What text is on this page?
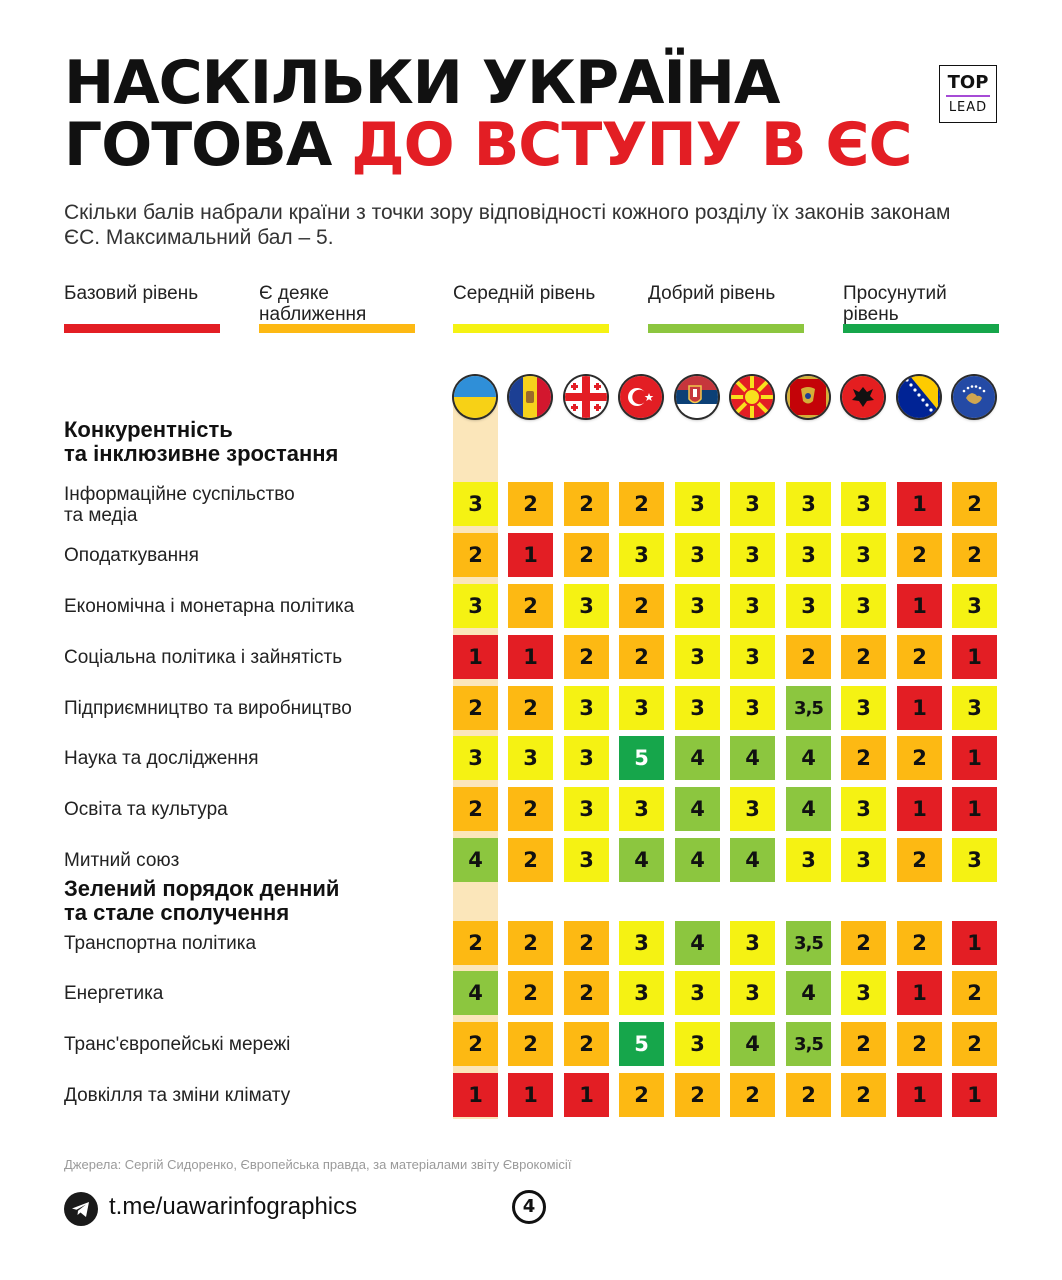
НАСКІЛЬКИ УКРАЇНА
ГОТОВА ДО ВСТУПУ В ЄС
TOP
LEAD

Скільки балів набрали країни з точки зору відповідності кожного розділу їх законів законам ЄС. Максимальний бал – 5.

Базовий рівень	Є деяке наближення
Середній рівень	Добрий рівень	Просунутий рівень
Конкурентність
та інклюзивне зростання
Інформаційне суспільство
та медіа	3	2	2	2	3	3	3	3	1	2
Оподаткування	2	1	2	3	3	3	3	3	2	2
Економічна і монетарна політика	3	2	3	2	3	3	3	3	1	3
Соціальна політика і зайнятість	1	1	2	2	3	3	2	2	2	1
Підприємництво та виробництво	2	2	3	3	3	3	3,5	3	1	3
Наука та дослідження	3	3	3	5	4	4	4	2	2	1
Освіта та культура	2	2	3	3	4	3	4	3	1	1
Митний союз	4	2	3	4	4	4	3	3	2	3
Зелений порядок денний
та стале сполучення
Транспортна політика	2	2	2	3	4	3	3,5	2	2	1
Енергетика	4	2	2	3	3	3	4	3	1	2
Транс'європейські мережі	2	2	2	5	3	4	3,5	2	2	2
Довкілля та зміни клімату	1	1	1	2	2	2	2	2	1	1
Джерела: Сергій Сидоренко, Європейська правда, за матеріалами звіту Єврокомісії
t.me/uawarinfographics	4
